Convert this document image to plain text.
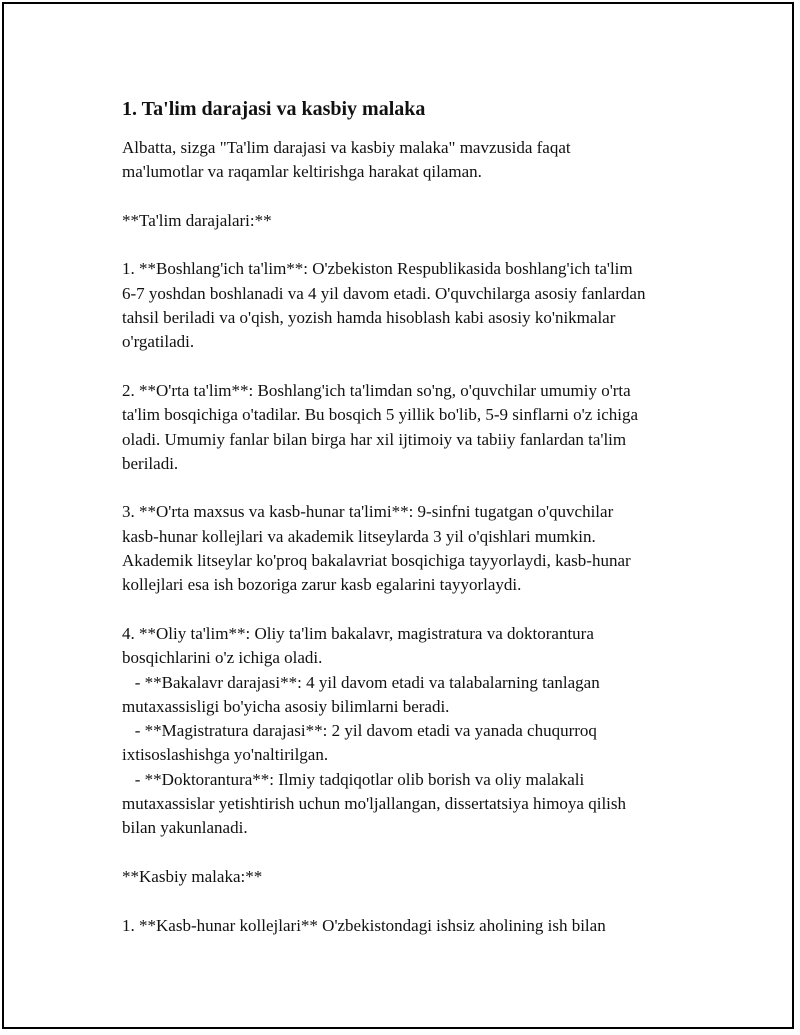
1. Ta'lim darajasi va kasbiy malaka
Albatta, sizga "Ta'lim darajasi va kasbiy malaka" mavzusida faqat
ma'lumotlar va raqamlar keltirishga harakat qilaman.
**Ta'lim darajalari:**
1. **Boshlang'ich ta'lim**: O'zbekiston Respublikasida boshlang'ich ta'lim
6-7 yoshdan boshlanadi va 4 yil davom etadi. O'quvchilarga asosiy fanlardan
tahsil beriladi va o'qish, yozish hamda hisoblash kabi asosiy ko'nikmalar
o'rgatiladi.
2. **O'rta ta'lim**: Boshlang'ich ta'limdan so'ng, o'quvchilar umumiy o'rta
ta'lim bosqichiga o'tadilar. Bu bosqich 5 yillik bo'lib, 5-9 sinflarni o'z ichiga
oladi. Umumiy fanlar bilan birga har xil ijtimoiy va tabiiy fanlardan ta'lim
beriladi.
3. **O'rta maxsus va kasb-hunar ta'limi**: 9-sinfni tugatgan o'quvchilar
kasb-hunar kollejlari va akademik litseylarda 3 yil o'qishlari mumkin.
Akademik litseylar ko'proq bakalavriat bosqichiga tayyorlaydi, kasb-hunar
kollejlari esa ish bozoriga zarur kasb egalarini tayyorlaydi.
4. **Oliy ta'lim**: Oliy ta'lim bakalavr, magistratura va doktorantura
bosqichlarini o'z ichiga oladi.
- **Bakalavr darajasi**: 4 yil davom etadi va talabalarning tanlagan
mutaxassisligi bo'yicha asosiy bilimlarni beradi.
- **Magistratura darajasi**: 2 yil davom etadi va yanada chuqurroq
ixtisoslashishga yo'naltirilgan.
- **Doktorantura**: Ilmiy tadqiqotlar olib borish va oliy malakali
mutaxassislar yetishtirish uchun mo'ljallangan, dissertatsiya himoya qilish
bilan yakunlanadi.
**Kasbiy malaka:**
1. **Kasb-hunar kollejlari** O'zbekistondagi ishsiz aholining ish bilan
